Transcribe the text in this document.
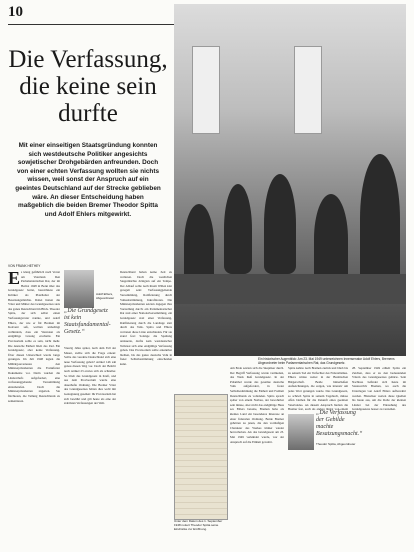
10
Die Verfassung, die keine sein durfte
Mit einer einseitigen Staatsgründung konnten sich westdeutsche Politiker angesichts sowjetischer Drohgebärden anfreunden. Doch von einer echten Verfassung wollten sie nichts wissen, weil sonst der Anspruch auf ein geeintes Deutschland auf der Strecke geblieben wäre. An dieser Entscheidung haben maßgeblich die beiden Bremer Theodor Spitta und Adolf Ehlers mitgewirkt.
VON FRANK HETHEY
E s klang gefährlich nach Verrat am Vaterland. Den Parlamentarischen Rat, der im Herbst 1948 in Bonn über das Grundgesetz beriet, bezeichnete ein Kritiker als Platzhalter der Besatzungsmächte. Dabei hatten die Väter und Mütter des Grundgesetzes stets das ganze Deutschland im Blick. Theodor Spitta, der sich selbst einen Verfassungsvater nannte, und Adolf Ehlers, der wie er für Bremen im Konvent saß, wollten unbedingt verhindern, dass ein Weststaat als endgültige Lösung erscheint. Ein Provisorium sollte es sein, nicht mehr. Die deutsche Einheit blieb das Ziel. Ein Grundgesetz, aber keine Verfassung. Über diesen Unterschied wurde lange gerungen. Im Juli 1948 legten die Militärgouverneure den Ministerpräsidenten die Frankfurter Dokumente vor. Darin wurden die Länderchefs aufgefordert, eine verfassunggebende Versammlung einzuberufen. Doch die Ministerpräsidenten zögerten. Sie fürchteten, die Teilung Deutschlands zu zementieren.
„Die Grundgesetz ist kein Staatsfundamental-Gesetz.“
Adolf Ehlers, Abgeordneter
Vierzig Jahre später, nach dem Fall der Mauer, stellte sich die Frage erneut: Sollte das vereinte Deutschland sich eine neue Verfassung geben? Artikel 146 sah genau diesen Weg vor. Doch der Beitritt nach Artikel 23 erwies sich als schneller. So blieb das Grundgesetz in Kraft, und aus dem Provisorium wurde eine dauerhafte Ordnung. Die Bremer Väter des Grundgesetzes hätten dies wohl mit Genugtuung gesehen: Ihr Provisorium hat sich bewährt und gilt heute als eine der stabilsten Verfassungen der Welt.
Deutschland haben keine Zeit zu verlieren. Doch die westlichen Siegermächte drängten auf ein Tempo. Der Ablauf sollte nach ihrem Willen klar geregelt sein: Verfassunggebende Versammlung, Ratifizierung durch Volksabstimmung, Inkrafttreten. Die Ministerpräsidenten setzten dagegen ihre Vorstellung durch: ein Parlamentarischer Rat statt einer Nationalversammlung, ein Grundgesetz statt einer Verfassung, Ratifizierung durch die Landtage statt durch das Volk. Spitta und Ehlers vertraten diese Linie entschieden. Für sie stand fest: Solange die Spaltung andauerte, durfte kein westdeutscher Teilstaat sich eine endgültige Verfassung geben. Das Provisorium sollte erkennbar bleiben, bis das ganze deutsche Volk in freier Selbstbestimmung entscheiden kann.
Ein historischer Augenblick: Am 23. Mai 1949 unterzeichnen Innensenator Adolf Ehlers, Bremens Abgeordneter beim Parlamentarischen Rat, das Grundgesetz.
Unter dem Datum des 1. September 1948 notiert Theodor Spitta seine Eindrücke zur Eröffnung.
Am Ende setzten sich die Skeptiker durch. Der Begriff Verfassung wurde vermieden, das Werk hieß Grundgesetz. In der Präambel wurde das gesamte deutsche Volk aufgefordert, in freier Selbstbestimmung die Einheit und Freiheit Deutschlands zu vollenden. Spitta sprach später von einem Notbau, der bewohnbar sein müsse, aber nicht das endgültige Haus sei. Ehlers betonte, Bremen habe als kleines Land ein besonderes Interesse an einer föderalen Ordnung. Beide Bremer gehörten zu jenen, die den vorläufigen Charakter des Werkes immer wieder hervorhoben. Als das Grundgesetz am 23. Mai 1949 verkündet wurde, war der Anspruch auf die Einheit gewahrt.
„Die Verfassung der Gebilde machte Besatzungsmacht.“
Theodor Spitta, Abgeordneter
Spitta kehrte nach Bremen zurück und blieb bis zu seinem Tod ein Verfechter des Föderalismus. Ehlers wirkte weiter in der Bremischen Bürgerschaft. Beide hinterließen Aufzeichnungen, die zeigen, wie intensiv um jedes Wort gerungen wurde. Das Grundgesetz, so schrieb Spitta in seinem Tagebuch, müsse offen bleiben für die Zukunft eines geeinten Vaterlandes. An diesem Anspruch hielten die Bremer fest, auch als andere längst von einem
28. September 1949 erhielt Spitta ein Zeichen, dass er zu den bedeutenden Vätern des Grundgesetzes gehörte. Sein Nachlass befindet sich heute im Staatsarchiv Bremen, wo auch die Unterlagen von Adolf Ehlers aufbewahrt werden. Historiker werten diese Quellen bis heute aus, um die Rolle der kleinen Länder bei der Entstehung des Grundgesetzes besser zu verstehen.
